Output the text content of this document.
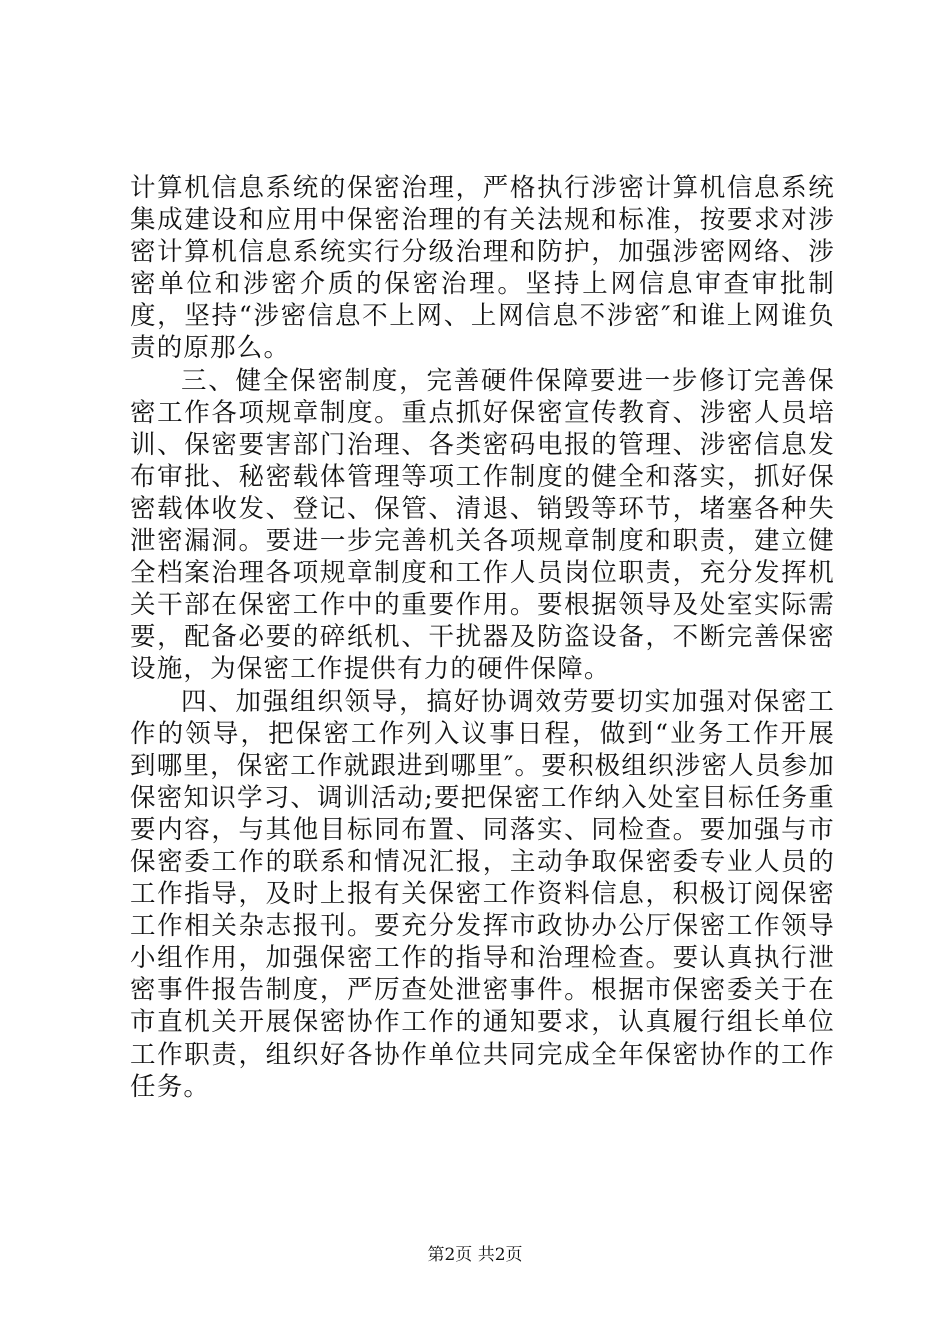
计算机信息系统的保密治理，严格执行涉密计算机信息系统集成建设和应用中保密治理的有关法规和标准，按要求对涉密计算机信息系统实行分级治理和防护，加强涉密网络、涉密单位和涉密介质的保密治理。坚持上网信息审查审批制度，坚持“涉密信息不上网、上网信息不涉密″和谁上网谁负责的原那么。

三、健全保密制度，完善硬件保障要进一步修订完善保密工作各项规章制度。重点抓好保密宣传教育、涉密人员培训、保密要害部门治理、各类密码电报的管理、涉密信息发布审批、秘密载体管理等项工作制度的健全和落实，抓好保密载体收发、登记、保管、清退、销毁等环节，堵塞各种失泄密漏洞。要进一步完善机关各项规章制度和职责，建立健全档案治理各项规章制度和工作人员岗位职责，充分发挥机关干部在保密工作中的重要作用。要根据领导及处室实际需要，配备必要的碎纸机、干扰器及防盗设备，不断完善保密设施，为保密工作提供有力的硬件保障。

四、加强组织领导，搞好协调效劳要切实加强对保密工作的领导，把保密工作列入议事日程，做到“业务工作开展到哪里，保密工作就跟进到哪里″。要积极组织涉密人员参加保密知识学习、调训活动;要把保密工作纳入处室目标任务重要内容，与其他目标同布置、同落实、同检查。要加强与市保密委工作的联系和情况汇报，主动争取保密委专业人员的工作指导，及时上报有关保密工作资料信息，积极订阅保密工作相关杂志报刊。要充分发挥市政协办公厅保密工作领导小组作用，加强保密工作的指导和治理检查。要认真执行泄密事件报告制度，严厉查处泄密事件。根据市保密委关于在市直机关开展保密协作工作的通知要求，认真履行组长单位工作职责，组织好各协作单位共同完成全年保密协作的工作任务。

第2页 共2页
